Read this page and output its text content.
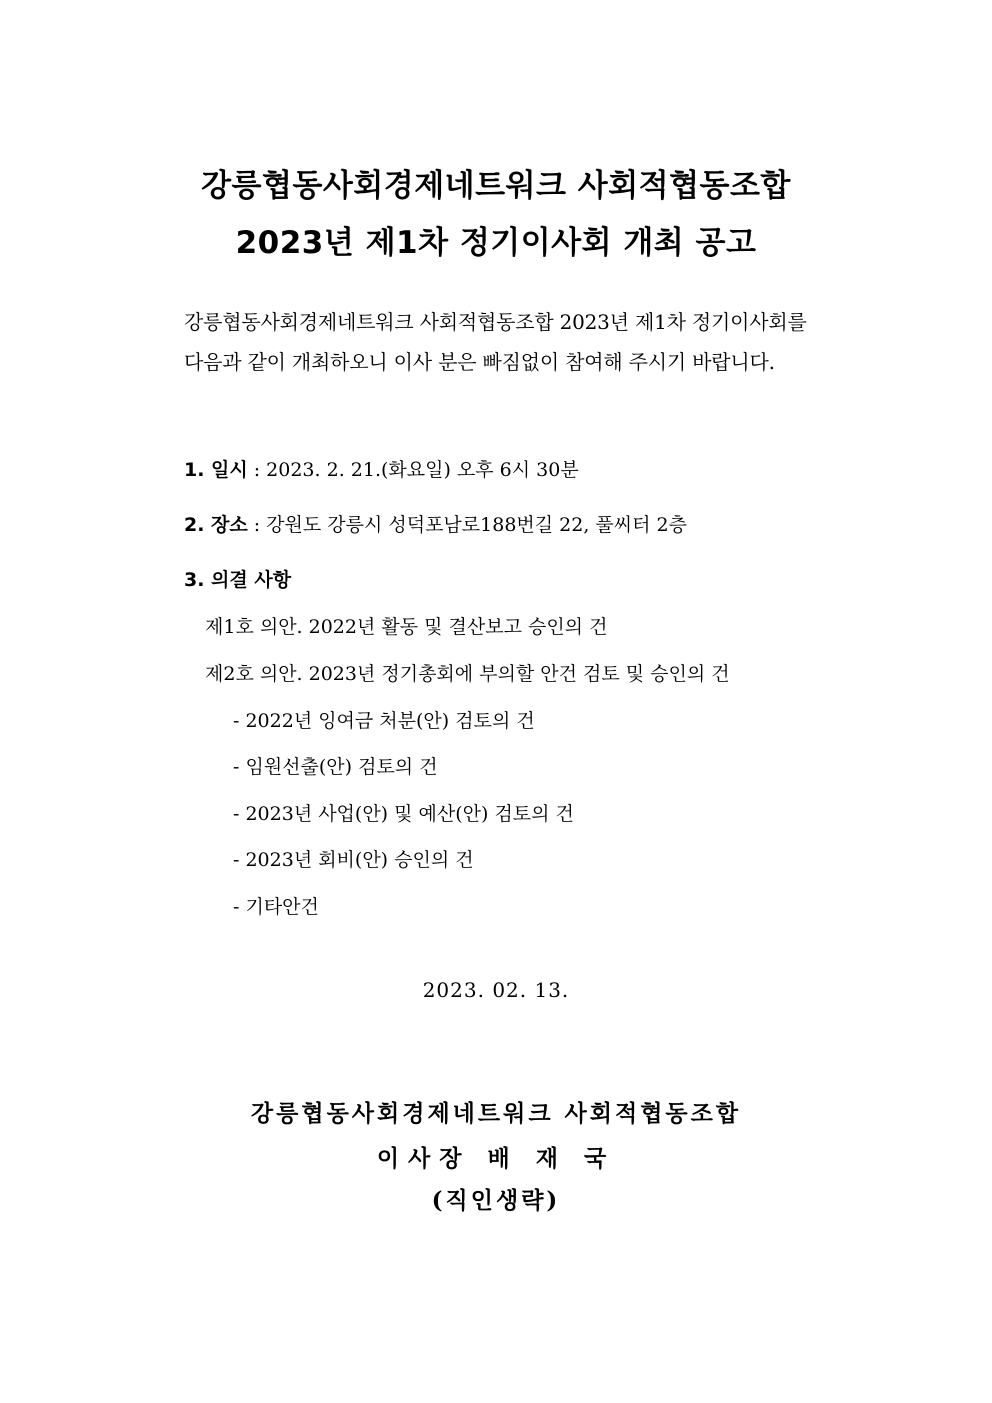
강릉협동사회경제네트워크 사회적협동조합
2023년 제1차 정기이사회 개최 공고
강릉협동사회경제네트워크 사회적협동조합 2023년 제1차 정기이사회를
다음과 같이 개최하오니 이사 분은 빠짐없이 참여해 주시기 바랍니다.
1. 일시 : 2023. 2. 21.(화요일) 오후 6시 30분
2. 장소 : 강원도 강릉시 성덕포남로188번길 22, 풀씨터 2층
3. 의결 사항
제1호 의안. 2022년 활동 및 결산보고 승인의 건
제2호 의안. 2023년 정기총회에 부의할 안건 검토 및 승인의 건
- 2022년 잉여금 처분(안) 검토의 건
- 임원선출(안) 검토의 건
- 2023년 사업(안) 및 예산(안) 검토의 건
- 2023년 회비(안) 승인의 건
- 기타안건
2023. 02. 13.
강릉협동사회경제네트워크 사회적협동조합
이사장 배 재 국
(직인생략)
